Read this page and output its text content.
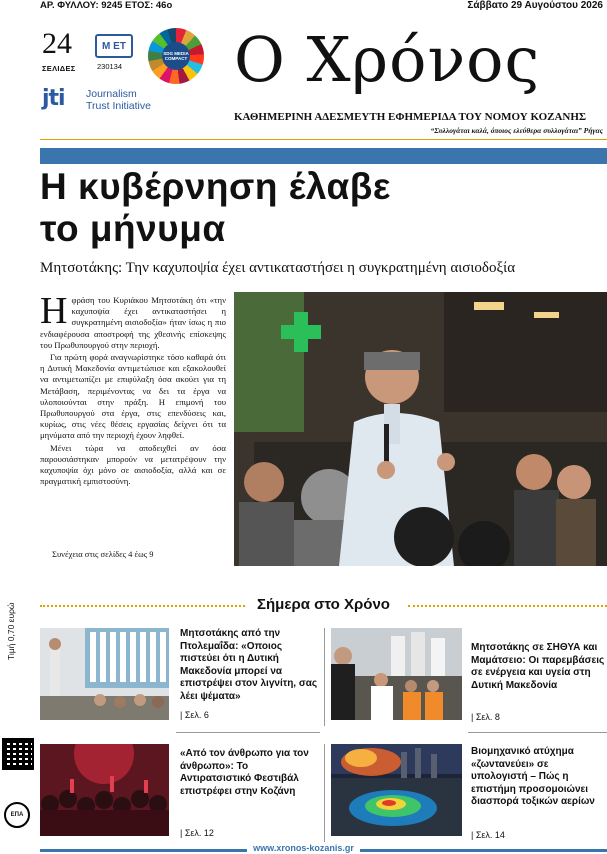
ΑΡ. ΦΥΛΛΟΥ: 9245 ΕΤΟΣ: 46ο	Σάββατο 29 Αυγούστου 2026
24
ΣΕΛΙΔΕΣ
Μ ΕΤ
230134
SDG MEDIA COMPACT
jti Journalism
Trust Initiative
Ο Χρόνος
ΚΑΘΗΜΕΡΙΝΗ ΑΔΕΣΜΕΥΤΗ ΕΦΗΜΕΡΙΔΑ ΤΟΥ ΝΟΜΟΥ ΚΟΖΑΝΗΣ
“Συλλογάται καλά, όποιος ελεύθερα συλλογάται” Ρήγας
Η κυβέρνηση έλαβε
το μήνυμα
Μητσοτάκης: Την καχυποψία έχει αντικαταστήσει η συγκρατημένη αισιοδοξία

Η φράση του Κυριάκου Μητσοτάκη ότι «την καχυποψία έχει αντικαταστήσει η συγκρατημένη αισιοδοξία» ήταν ίσως η πιο ενδιαφέρουσα αποστροφή της χθεσινής επίσκεψης του Πρωθυπουργού στην περιοχή.

Για πρώτη φορά αναγνωρίστηκε τόσο καθαρά ότι η Δυτική Μακεδονία αντιμετώπισε και εξακολουθεί να αντιμετωπίζει με επιφύλαξη όσα ακούει για τη Μετάβαση, περιμένοντας να δει τα έργα να υλοποιούνται στην πράξη. Η επιμονή του Πρωθυπουργού στα έργα, στις επενδύσεις και, κυρίως, στις νέες θέσεις εργασίας δείχνει ότι τα μηνύματα από την περιοχή έχουν ληφθεί.

Μένει τώρα να αποδειχθεί αν όσα παρουσιάστηκαν μπορούν να μετατρέψουν την καχυποψία όχι μόνο σε αισιοδοξία, αλλά και σε πραγματική εμπιστοσύνη.

Συνέχεια στις σελίδες 4 έως 9
Σήμερα στο Χρόνο
Μητσοτάκης από την Πτολεμαΐδα: «Οποιος πιστεύει ότι η Δυτική Μακεδονία μπορεί να επιστρέψει στον λιγνίτη, σας λέει ψέματα»
| Σελ. 6
Μητσοτάκης σε ΣΗΘΥΑ και Μαμάτσειο: Οι παρεμβάσεις σε ενέργεια και υγεία στη Δυτική Μακεδονία
| Σελ. 8
«Από τον άνθρωπο για τον άνθρωπο»: Το Αντιρατσιστικό Φεστιβάλ επιστρέφει στην Κοζάνη
| Σελ. 12
Βιομηχανικό ατύχημα «ζωντανεύει» σε υπολογιστή – Πώς η επιστήμη προσομοιώνει διασπορά τοξικών αερίων
| Σελ. 14
Τιμή 0,70 ευρώ
ΕΠΑ
www.xronos-kozanis.gr
